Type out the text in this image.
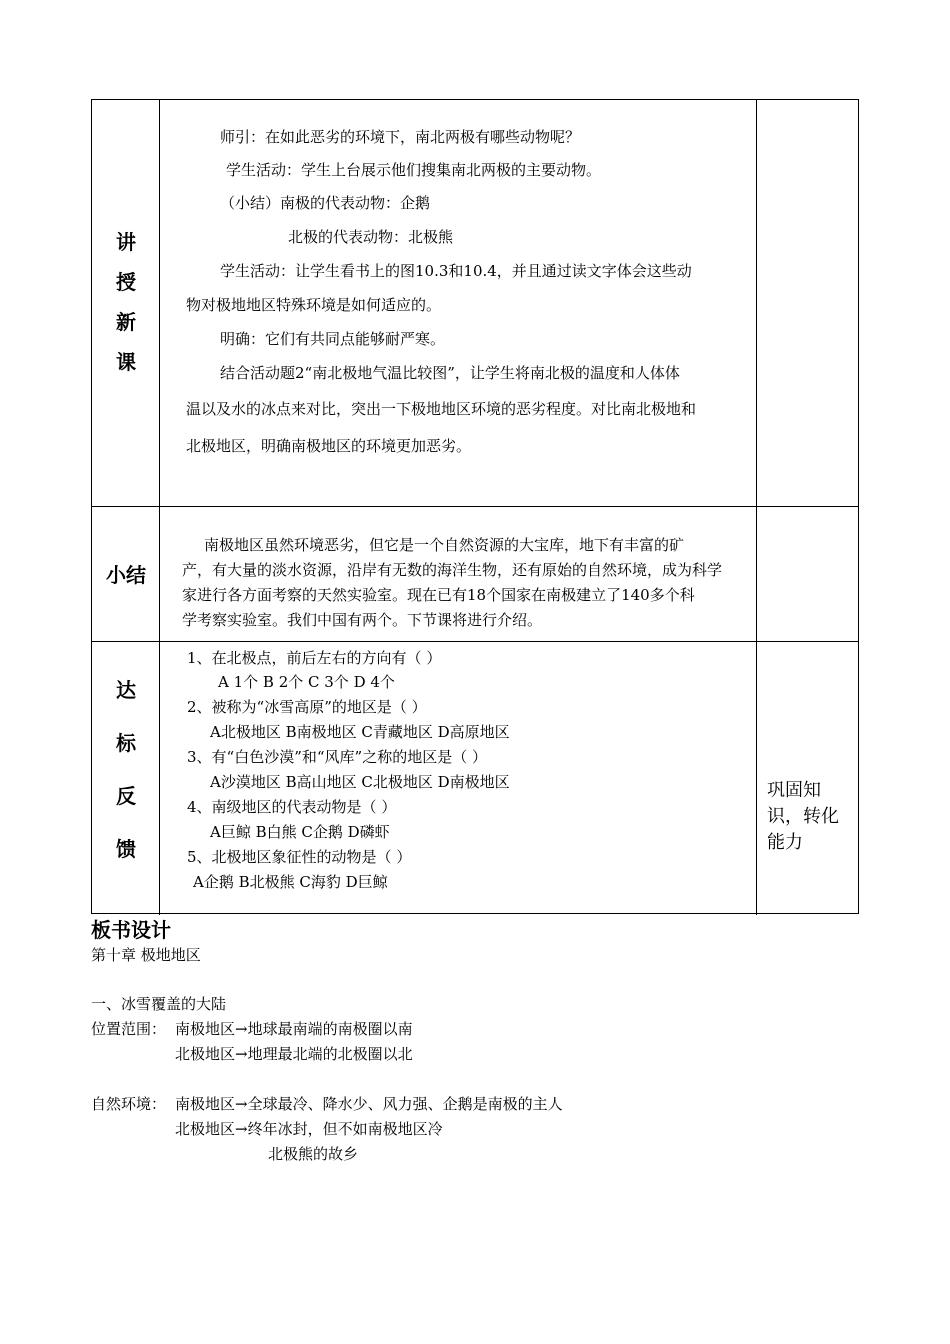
讲
授
新
课
师引：在如此恶劣的环境下，南北两极有哪些动物呢？
学生活动：学生上台展示他们搜集南北两极的主要动物。
（小结）南极的代表动物：企鹅
北极的代表动物：北极熊
学生活动：让学生看书上的图10.3和10.4，并且通过读文字体会这些动
物对极地地区特殊环境是如何适应的。
明确：它们有共同点能够耐严寒。
结合活动题2“南北极地气温比较图”，让学生将南北极的温度和人体体
温以及水的冰点来对比，突出一下极地地区环境的恶劣程度。对比南北极地和
北极地区，明确南极地区的环境更加恶劣。
小结
南极地区虽然环境恶劣，但它是一个自然资源的大宝库，地下有丰富的矿
产，有大量的淡水资源，沿岸有无数的海洋生物，还有原始的自然环境，成为科学
家进行各方面考察的天然实验室。现在已有18个国家在南极建立了140多个科
学考察实验室。我们中国有两个。下节课将进行介绍。
达
标
反
馈
1、在北极点，前后左右的方向有（ ）
A 1个 B 2个 C 3个 D 4个
2、被称为“冰雪高原”的地区是（ ）
A北极地区 B南极地区 C青藏地区 D高原地区
3、有“白色沙漠”和“风库”之称的地区是（ ）
A沙漠地区 B高山地区 C北极地区 D南极地区
4、南级地区的代表动物是（ ）
A巨鲸 B白熊 C企鹅 D磷虾
5、北极地区象征性的动物是（ ）
A企鹅 B北极熊 C海豹 D巨鲸
巩固知
识，转化
能力
板书设计
第十章 极地地区
一、冰雪覆盖的大陆
位置范围： 南极地区→地球最南端的南极圈以南
北极地区→地理最北端的北极圈以北
自然环境： 南极地区→全球最冷、降水少、风力强、企鹅是南极的主人
北极地区→终年冰封，但不如南极地区冷
北极熊的故乡
